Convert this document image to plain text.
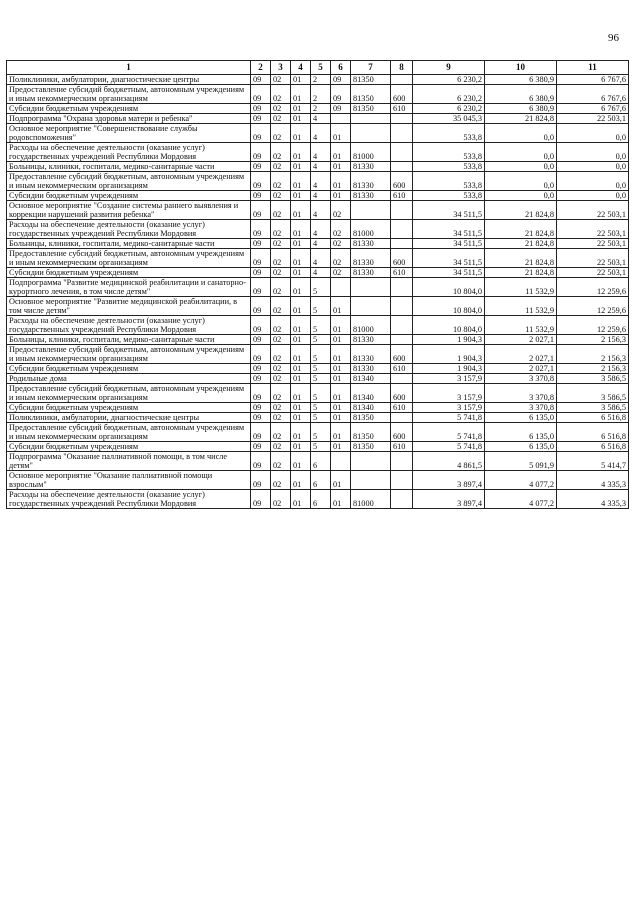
96
1	2	3	4	5	6	7	8	9	10	11
Поликлиники, амбулатории, диагностические центры	09	02	01	2	09	81350		6 230,2	6 380,9	6 767,6
Предоставление субсидий бюджетным, автономным учреждениям и иным некоммерческим организациям	09	02	01	2	09	81350	600	6 230,2	6 380,9	6 767,6
Субсидии бюджетным учреждениям	09	02	01	2	09	81350	610	6 230,2	6 380,9	6 767,6
Подпрограмма "Охрана здоровья матери и ребенка"	09	02	01	4				35 045,3	21 824,8	22 503,1
Основное мероприятие "Совершенствование службы родовспоможения"	09	02	01	4	01			533,8	0,0	0,0
Расходы на обеспечение деятельности (оказание услуг) государственных учреждений Республики Мордовия	09	02	01	4	01	81000		533,8	0,0	0,0
Больницы, клиники, госпитали, медико-санитарные части	09	02	01	4	01	81330		533,8	0,0	0,0
Предоставление субсидий бюджетным, автономным учреждениям и иным некоммерческим организациям	09	02	01	4	01	81330	600	533,8	0,0	0,0
Субсидии бюджетным учреждениям	09	02	01	4	01	81330	610	533,8	0,0	0,0
Основное мероприятие "Создание системы раннего выявления и коррекции нарушений развития ребенка"	09	02	01	4	02			34 511,5	21 824,8	22 503,1
Расходы на обеспечение деятельности (оказание услуг) государственных учреждений Республики Мордовия	09	02	01	4	02	81000		34 511,5	21 824,8	22 503,1
Больницы, клиники, госпитали, медико-санитарные части	09	02	01	4	02	81330		34 511,5	21 824,8	22 503,1
Предоставление субсидий бюджетным, автономным учреждениям и иным некоммерческим организациям	09	02	01	4	02	81330	600	34 511,5	21 824,8	22 503,1
Субсидии бюджетным учреждениям	09	02	01	4	02	81330	610	34 511,5	21 824,8	22 503,1
Подпрограмма "Развитие медицинской реабилитации и санаторно-курортного лечения, в том числе детям"	09	02	01	5				10 804,0	11 532,9	12 259,6
Основное мероприятие "Развитие медицинской реабилитации, в том числе детям"	09	02	01	5	01			10 804,0	11 532,9	12 259,6
Расходы на обеспечение деятельности (оказание услуг) государственных учреждений Республики Мордовия	09	02	01	5	01	81000		10 804,0	11 532,9	12 259,6
Больницы, клиники, госпитали, медико-санитарные части	09	02	01	5	01	81330		1 904,3	2 027,1	2 156,3
Предоставление субсидий бюджетным, автономным учреждениям и иным некоммерческим организациям	09	02	01	5	01	81330	600	1 904,3	2 027,1	2 156,3
Субсидии бюджетным учреждениям	09	02	01	5	01	81330	610	1 904,3	2 027,1	2 156,3
Родильные дома	09	02	01	5	01	81340		3 157,9	3 370,8	3 586,5
Предоставление субсидий бюджетным, автономным учреждениям и иным некоммерческим организациям	09	02	01	5	01	81340	600	3 157,9	3 370,8	3 586,5
Субсидии бюджетным учреждениям	09	02	01	5	01	81340	610	3 157,9	3 370,8	3 586,5
Поликлиники, амбулатории, диагностические центры	09	02	01	5	01	81350		5 741,8	6 135,0	6 516,8
Предоставление субсидий бюджетным, автономным учреждениям и иным некоммерческим организациям	09	02	01	5	01	81350	600	5 741,8	6 135,0	6 516,8
Субсидии бюджетным учреждениям	09	02	01	5	01	81350	610	5 741,8	6 135,0	6 516,8
Подпрограмма "Оказание паллиативной помощи, в том числе детям"	09	02	01	6				4 861,5	5 091,9	5 414,7
Основное мероприятие "Оказание паллиативной помощи взрослым"	09	02	01	6	01			3 897,4	4 077,2	4 335,3
Расходы на обеспечение деятельности (оказание услуг) государственных учреждений Республики Мордовия	09	02	01	6	01	81000		3 897,4	4 077,2	4 335,3
